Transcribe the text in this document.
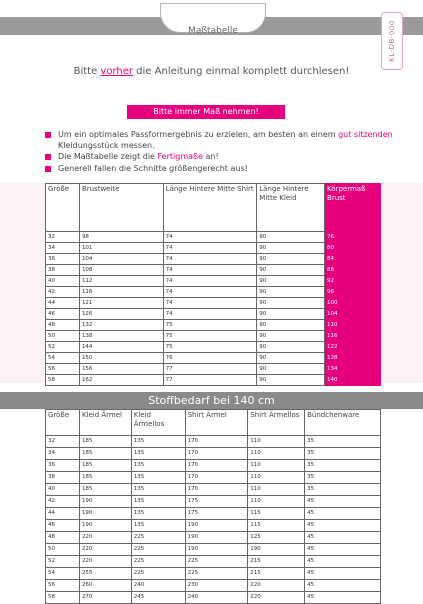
Maßtabelle	KL-DB-000
Bitte vorher die Anleitung einmal komplett durchlesen!
Bitte immer Maß nehmen!
Um ein optimales Passformergebnis zu erzielen, am besten an einem gut sitzenden Kleidungsstück messen.
Die Maßtabelle zeigt die Fertigmaße an!
Generell fallen die Schnitte größengerecht aus!
Größe	Brustweite	Länge Hintere Mitte Shirt	Länge Hintere Mitte Kleid	Körpermaß Brust
32	98	74	90	76
34	101	74	90	80
36	104	74	90	84
38	108	74	90	88
40	112	74	90	92
42	116	74	90	96
44	121	74	90	100
46	126	74	90	104
48	132	75	90	110
50	138	75	90	116
52	144	75	90	122
54	150	76	90	128
56	156	77	90	134
58	162	77	90	140
Stoffbedarf bei 140 cm
Größe	Kleid Ärmel	Kleid Ärmellos	Shirt Ärmel	Shirt Ärmellos	Bündchenware
32	185	135	170	110	35
34	185	135	170	110	35
36	185	135	170	110	35
38	185	135	170	110	35
40	185	135	170	110	35
42	190	135	175	110	45
44	190	135	175	115	45
46	190	135	190	115	45
48	220	225	190	125	45
50	220	225	190	190	45
52	220	225	225	215	45
54	255	225	225	215	45
56	260	240	230	220	45
58	270	245	240	220	45
